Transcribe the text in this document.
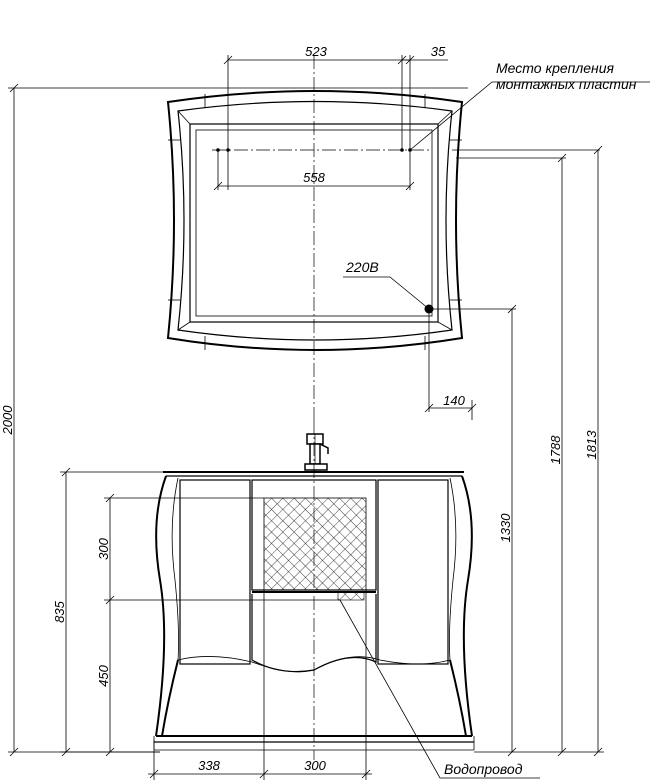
523	35
558
140
Место крепления
монтажных пластин
220В
Водопровод
2000
1788 1813
1330
835
300
450
338	300
